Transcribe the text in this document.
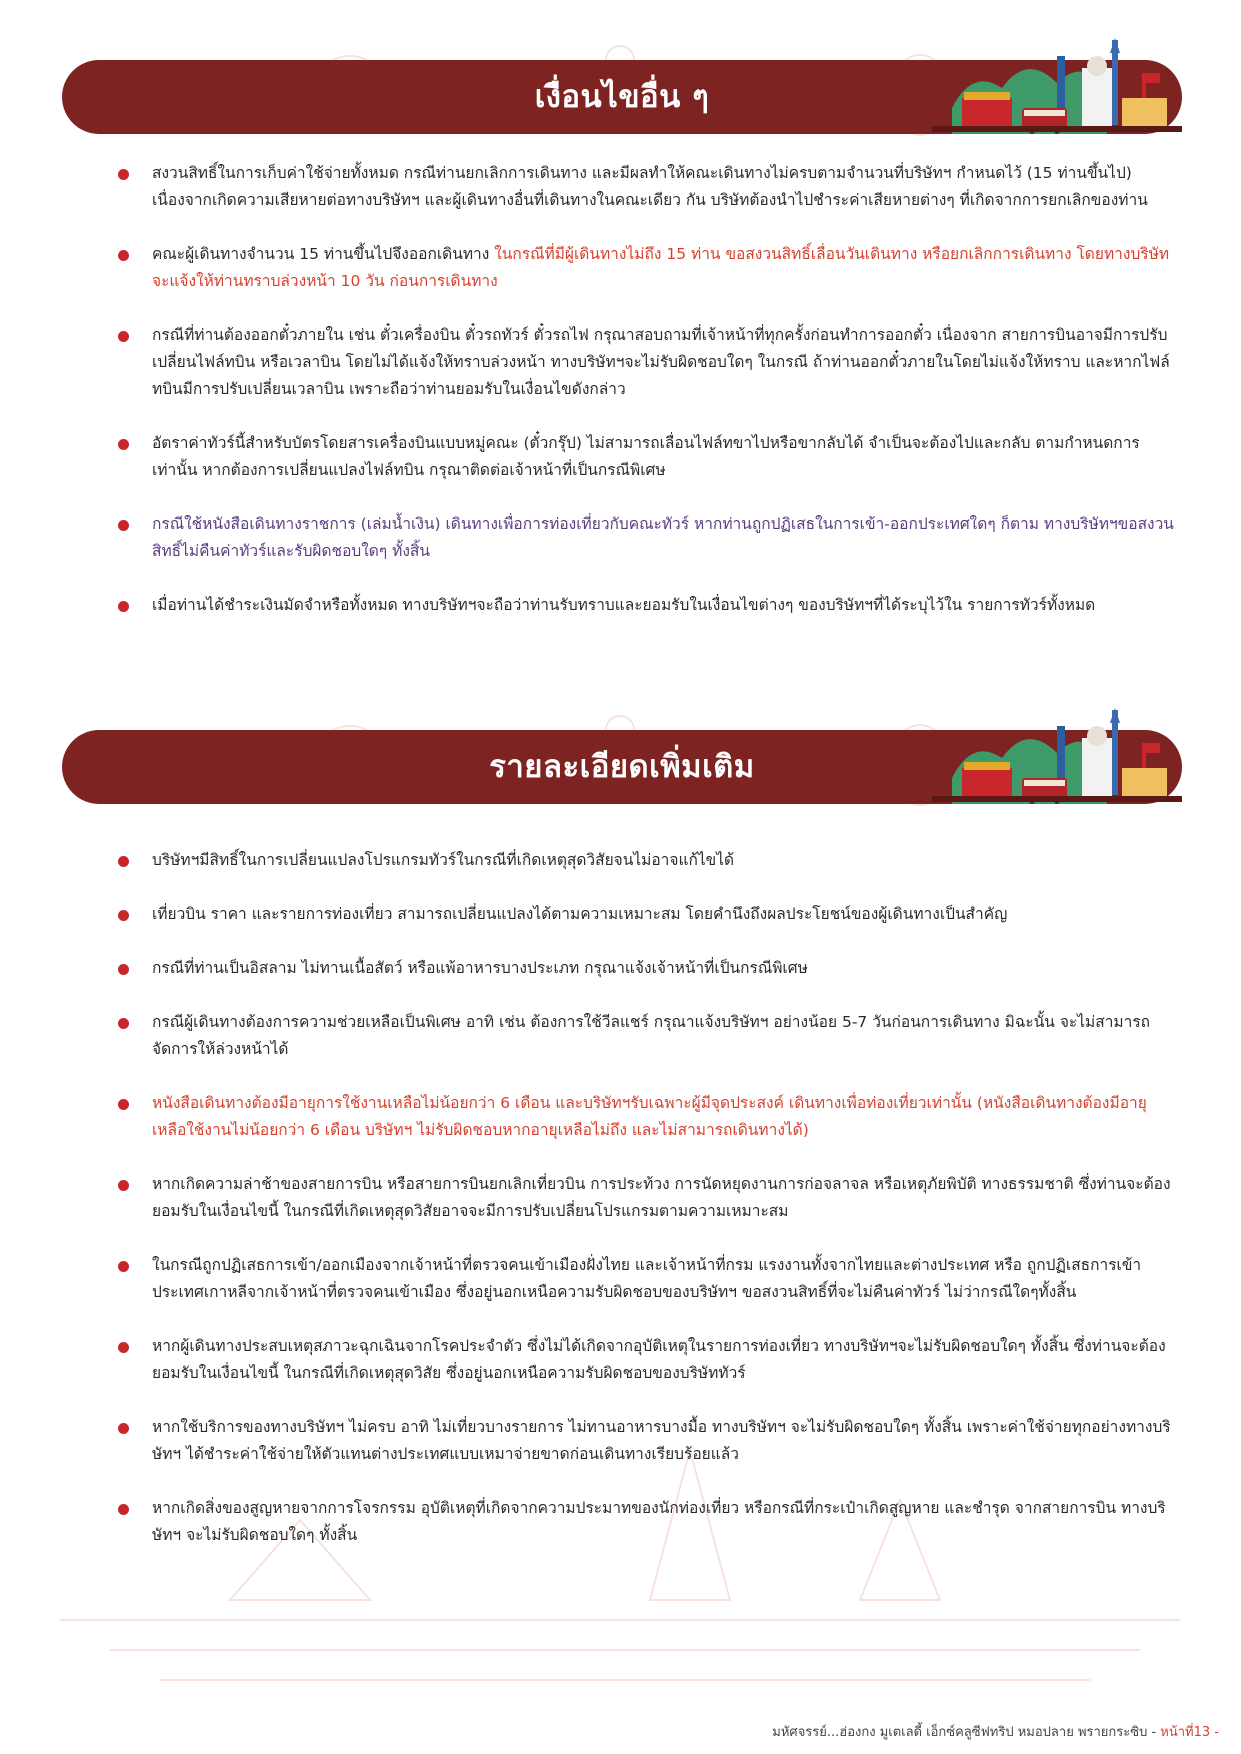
เงื่อนไขอื่น ๆ
สงวนสิทธิ์ในการเก็บค่าใช้จ่ายทั้งหมด กรณีท่านยกเลิกการเดินทาง และมีผลทำให้คณะเดินทางไม่ครบตามจำนวนที่บริษัทฯ กำหนดไว้ (15 ท่านขึ้นไป) เนื่องจากเกิดความเสียหายต่อทางบริษัทฯ และผู้เดินทางอื่นที่เดินทางในคณะเดียว กัน บริษัทต้องนำไปชำระค่าเสียหายต่างๆ ที่เกิดจากการยกเลิกของท่าน
คณะผู้เดินทางจำนวน 15 ท่านขึ้นไปจึงออกเดินทาง ในกรณีที่มีผู้เดินทางไม่ถึง 15 ท่าน ขอสงวนสิทธิ์เลื่อนวันเดินทาง หรือยกเลิกการเดินทาง โดยทางบริษัทจะแจ้งให้ท่านทราบล่วงหน้า 10 วัน ก่อนการเดินทาง
กรณีที่ท่านต้องออกตั๋วภายใน เช่น ตั๋วเครื่องบิน ตั๋วรถทัวร์ ตั๋วรถไฟ กรุณาสอบถามที่เจ้าหน้าที่ทุกครั้งก่อนทำการออกตั๋ว เนื่องจาก สายการบินอาจมีการปรับเปลี่ยนไฟล์ทบิน หรือเวลาบิน โดยไม่ได้แจ้งให้ทราบล่วงหน้า ทางบริษัทฯจะไม่รับผิดชอบใดๆ ในกรณี ถ้าท่านออกตั๋วภายในโดยไม่แจ้งให้ทราบ และหากไฟล์ทบินมีการปรับเปลี่ยนเวลาบิน เพราะถือว่าท่านยอมรับในเงื่อนไขดังกล่าว
อัตราค่าทัวร์นี้สำหรับบัตรโดยสารเครื่องบินแบบหมู่คณะ (ตั๋วกรุ๊ป) ไม่สามารถเลื่อนไฟล์ทขาไปหรือขากลับได้ จำเป็นจะต้องไปและกลับ ตามกำหนดการเท่านั้น หากต้องการเปลี่ยนแปลงไฟล์ทบิน กรุณาติดต่อเจ้าหน้าที่เป็นกรณีพิเศษ
กรณีใช้หนังสือเดินทางราชการ (เล่มน้ำเงิน) เดินทางเพื่อการท่องเที่ยวกับคณะทัวร์ หากท่านถูกปฏิเสธในการเข้า-ออกประเทศใดๆ ก็ตาม ทางบริษัทฯขอสงวนสิทธิ์ไม่คืนค่าทัวร์และรับผิดชอบใดๆ ทั้งสิ้น
เมื่อท่านได้ชำระเงินมัดจำหรือทั้งหมด ทางบริษัทฯจะถือว่าท่านรับทราบและยอมรับในเงื่อนไขต่างๆ ของบริษัทฯที่ได้ระบุไว้ใน รายการทัวร์ทั้งหมด
รายละเอียดเพิ่มเติม
บริษัทฯมีสิทธิ์ในการเปลี่ยนแปลงโปรแกรมทัวร์ในกรณีที่เกิดเหตุสุดวิสัยจนไม่อาจแก้ไขได้
เที่ยวบิน ราคา และรายการท่องเที่ยว สามารถเปลี่ยนแปลงได้ตามความเหมาะสม โดยคำนึงถึงผลประโยชน์ของผู้เดินทางเป็นสำคัญ
กรณีที่ท่านเป็นอิสลาม ไม่ทานเนื้อสัตว์ หรือแพ้อาหารบางประเภท กรุณาแจ้งเจ้าหน้าที่เป็นกรณีพิเศษ
กรณีผู้เดินทางต้องการความช่วยเหลือเป็นพิเศษ อาทิ เช่น ต้องการใช้วีลแชร์ กรุณาแจ้งบริษัทฯ อย่างน้อย 5-7 วันก่อนการเดินทาง มิฉะนั้น จะไม่สามารถจัดการให้ล่วงหน้าได้
หนังสือเดินทางต้องมีอายุการใช้งานเหลือไม่น้อยกว่า 6 เดือน และบริษัทฯรับเฉพาะผู้มีจุดประสงค์ เดินทางเพื่อท่องเที่ยวเท่านั้น (หนังสือเดินทางต้องมีอายุเหลือใช้งานไม่น้อยกว่า 6 เดือน บริษัทฯ ไม่รับผิดชอบหากอายุเหลือไม่ถึง และไม่สามารถเดินทางได้)
หากเกิดความล่าช้าของสายการบิน หรือสายการบินยกเลิกเที่ยวบิน การประท้วง การนัดหยุดงานการก่อจลาจล หรือเหตุภัยพิบัติ ทางธรรมชาติ ซึ่งท่านจะต้องยอมรับในเงื่อนไขนี้ ในกรณีที่เกิดเหตุสุดวิสัยอาจจะมีการปรับเปลี่ยนโปรแกรมตามความเหมาะสม
ในกรณีถูกปฏิเสธการเข้า/ออกเมืองจากเจ้าหน้าที่ตรวจคนเข้าเมืองฝั่งไทย และเจ้าหน้าที่กรม แรงงานทั้งจากไทยและต่างประเทศ หรือ ถูกปฏิเสธการเข้าประเทศเกาหลีจากเจ้าหน้าที่ตรวจคนเข้าเมือง ซึ่งอยู่นอกเหนือความรับผิดชอบของบริษัทฯ ขอสงวนสิทธิ์ที่จะไม่คืนค่าทัวร์ ไม่ว่ากรณีใดๆทั้งสิ้น
หากผู้เดินทางประสบเหตุสภาวะฉุกเฉินจากโรคประจำตัว ซึ่งไม่ได้เกิดจากอุบัติเหตุในรายการท่องเที่ยว ทางบริษัทฯจะไม่รับผิดชอบใดๆ ทั้งสิ้น ซึ่งท่านจะต้องยอมรับในเงื่อนไขนี้ ในกรณีที่เกิดเหตุสุดวิสัย ซึ่งอยู่นอกเหนือความรับผิดชอบของบริษัททัวร์
หากใช้บริการของทางบริษัทฯ ไม่ครบ อาทิ ไม่เที่ยวบางรายการ ไม่ทานอาหารบางมื้อ ทางบริษัทฯ จะไม่รับผิดชอบใดๆ ทั้งสิ้น เพราะค่าใช้จ่ายทุกอย่างทางบริษัทฯ ได้ชำระค่าใช้จ่ายให้ตัวแทนต่างประเทศแบบเหมาจ่ายขาดก่อนเดินทางเรียบร้อยแล้ว
หากเกิดสิ่งของสูญหายจากการโจรกรรม อุบัติเหตุที่เกิดจากความประมาทของนักท่องเที่ยว หรือกรณีที่กระเป๋าเกิดสูญหาย และชำรุด จากสายการบิน ทางบริษัทฯ จะไม่รับผิดชอบใดๆ ทั้งสิ้น
มหัศจรรย์...ฮ่องกง มูเตเลดี้ เอ็กซ์คลูซีฟทริป หมอปลาย พรายกระซิบ - หน้าที่13 -
